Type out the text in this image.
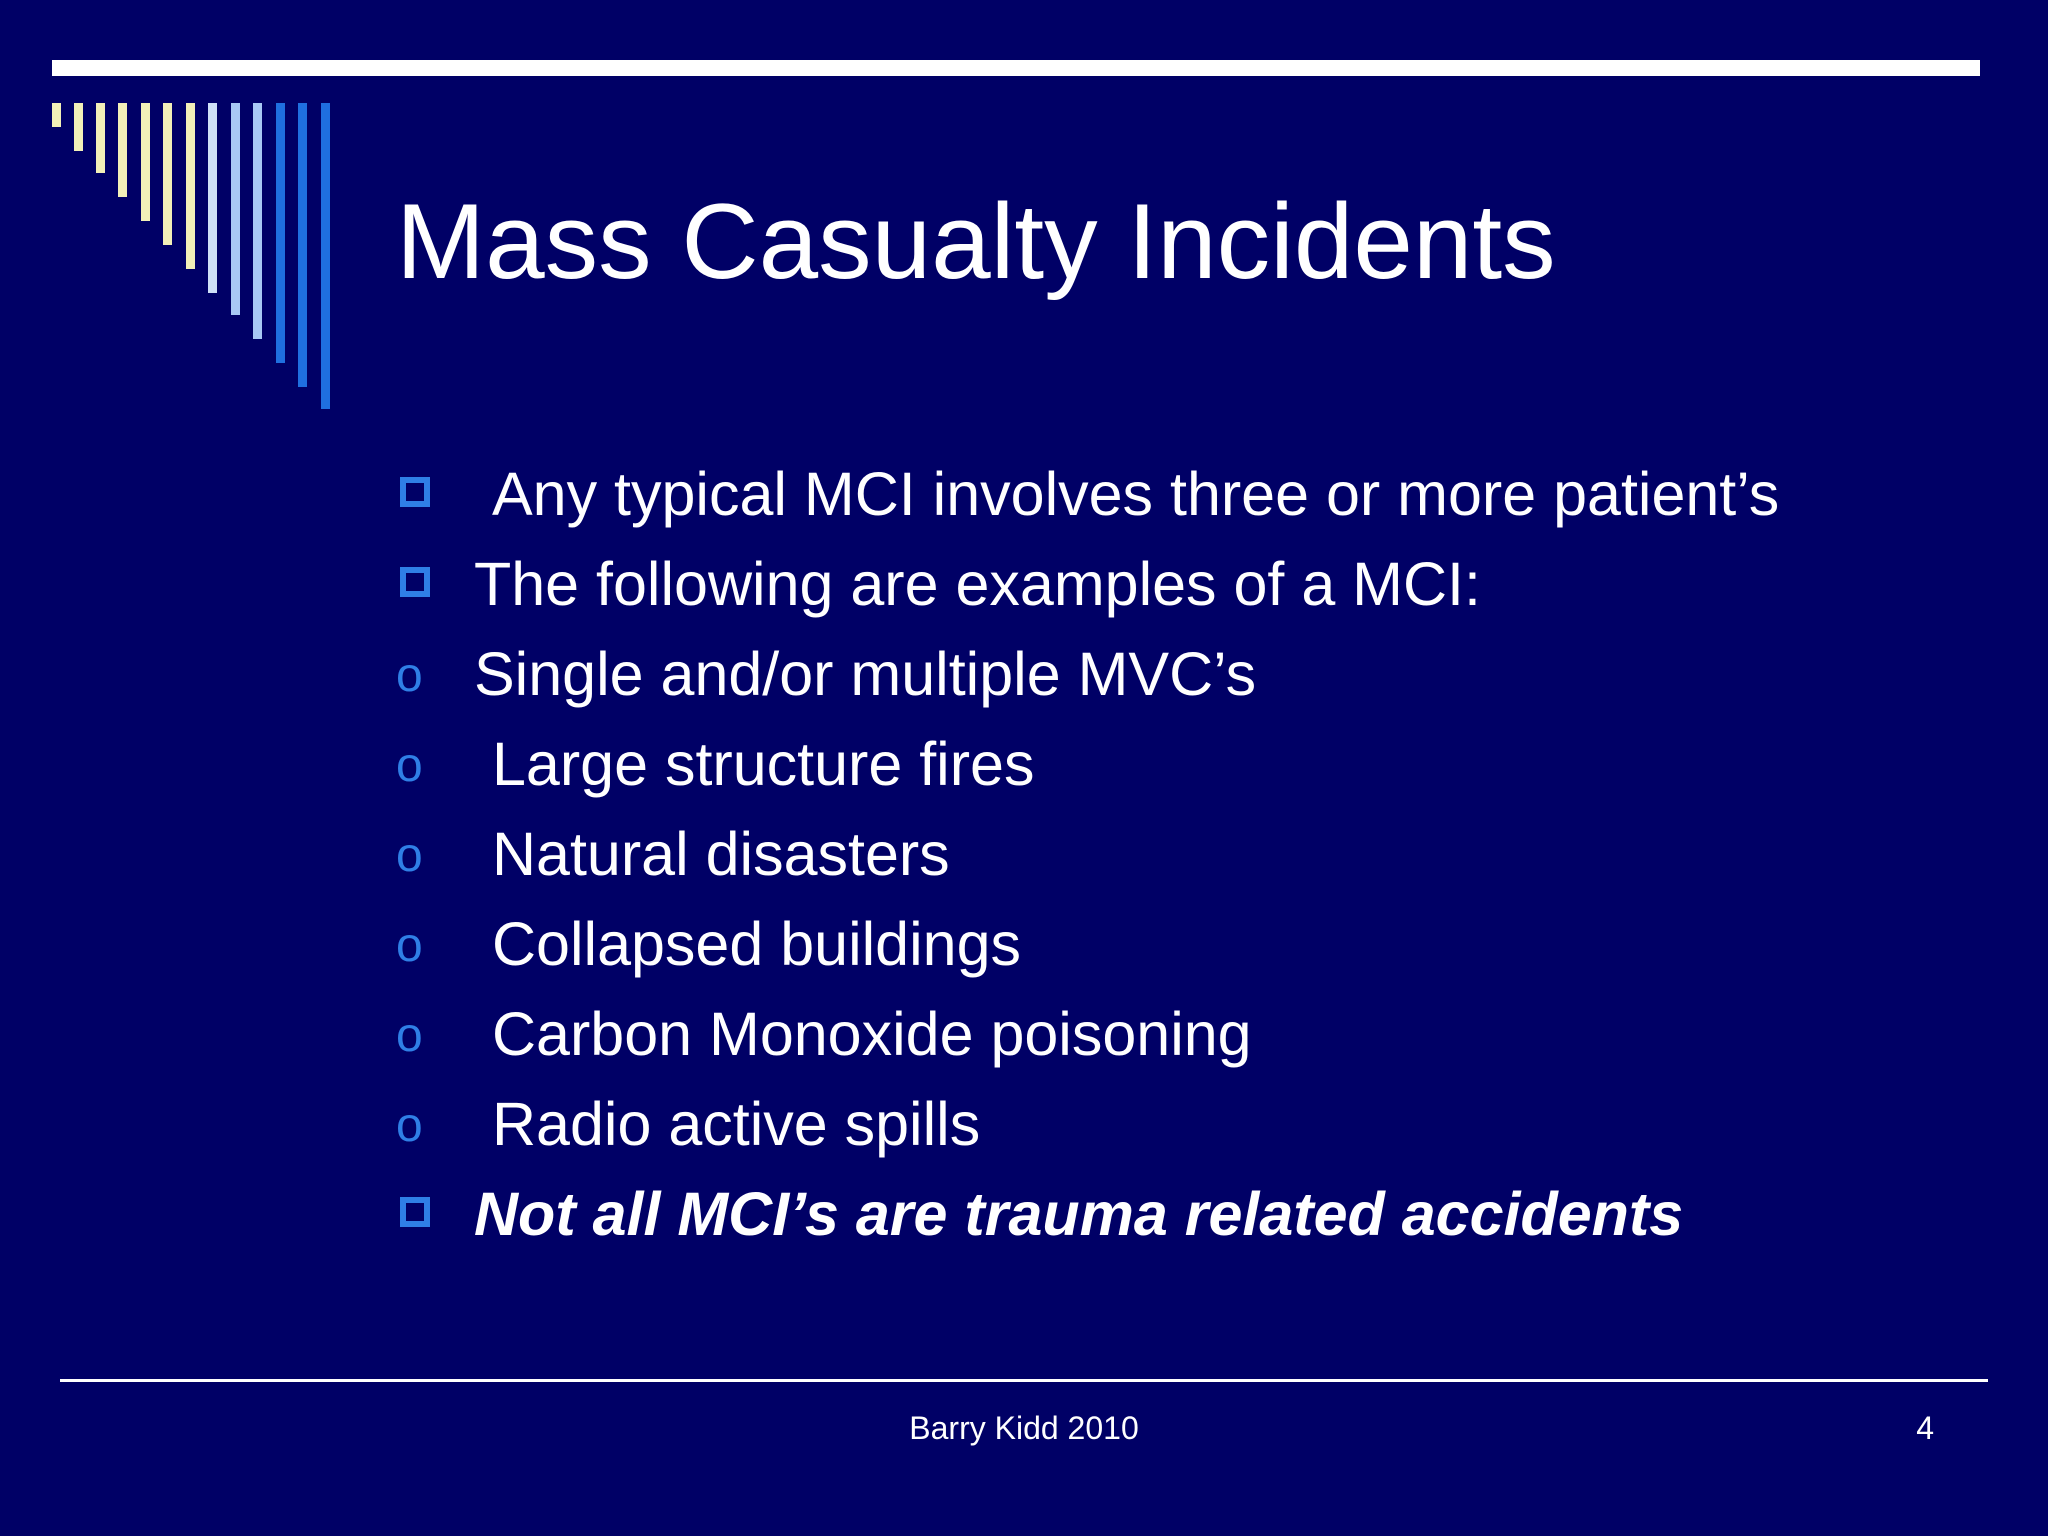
Mass Casualty Incidents
Any typical MCI involves three or more patient’s
The following are examples of a MCI:
o Single and/or multiple MVC’s
o Large structure fires
o Natural disasters
o Collapsed buildings
o Carbon Monoxide poisoning
o Radio active spills
Not all MCI’s are trauma related accidents
Barry Kidd 2010	4
